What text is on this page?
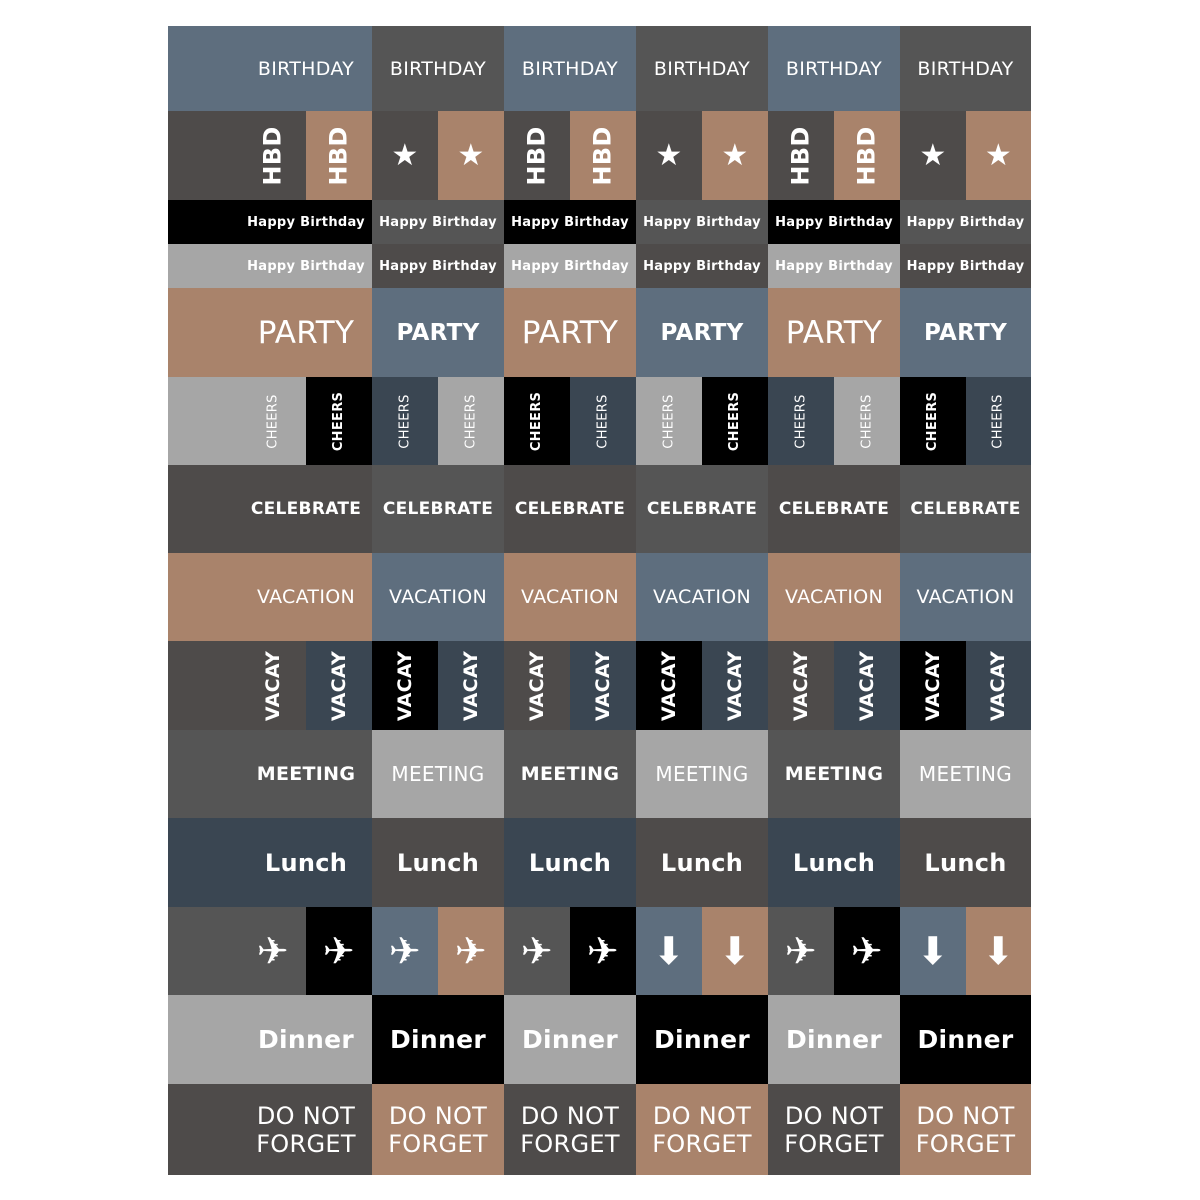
BIRTHDAY BIRTHDAY BIRTHDAY BIRTHDAY BIRTHDAY BIRTHDAY
HBD HBD ★ ★ HBD HBD ★ ★ HBD HBD ★ ★
Happy Birthday Happy Birthday Happy Birthday Happy Birthday Happy Birthday Happy Birthday
Happy Birthday Happy Birthday Happy Birthday Happy Birthday Happy Birthday Happy Birthday
PARTY PARTY PARTY PARTY PARTY PARTY
CHEERS	CHEERS	CHEERS	CHEERS	CHEERS	CHEERS	CHEERS	CHEERS	CHEERS	CHEERS	CHEERS	CHEERS
CELEBRATE CELEBRATE CELEBRATE CELEBRATE CELEBRATE CELEBRATE
VACATION VACATION VACATION VACATION VACATION VACATION
VACAY VACAY VACAY VACAY VACAY VACAY VACAY VACAY VACAY VACAY VACAY VACAY
MEETING MEETING MEETING MEETING MEETING MEETING
Lunch Lunch Lunch Lunch Lunch Lunch
✈ ✈ ✈ ✈ ✈ ✈ ⬇ ⬇ ✈ ✈ ⬇ ⬇
Dinner Dinner Dinner Dinner Dinner Dinner
DO NOT FORGET
DO NOT FORGET
DO NOT FORGET
DO NOT FORGET
DO NOT FORGET
DO NOT FORGET
